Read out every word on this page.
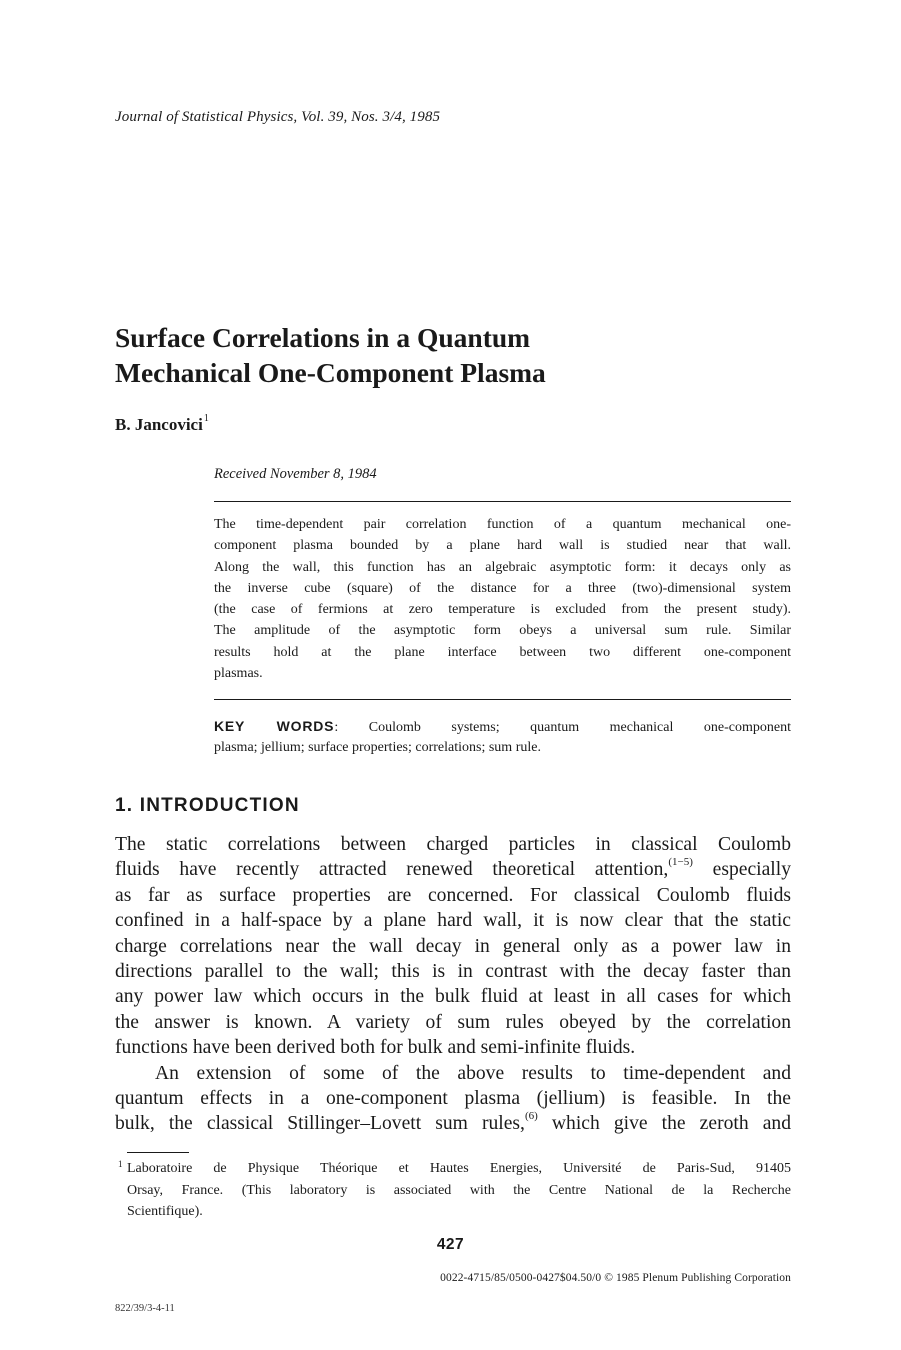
Journal of Statistical Physics, Vol. 39, Nos. 3/4, 1985
Surface Correlations in a Quantum
Mechanical One-Component Plasma
B. Jancovici$^1$
Received November 8, 1984
The time-dependent pair correlation function of a quantum mechanical one-
component plasma bounded by a plane hard wall is studied near that wall.
Along the wall, this function has an algebraic asymptotic form: it decays only as
the inverse cube (square) of the distance for a three (two)-dimensional system
(the case of fermions at zero temperature is excluded from the present study).
The amplitude of the asymptotic form obeys a universal sum rule. Similar
results hold at the plane interface between two different one-component
plasmas.
KEY WORDS: Coulomb systems; quantum mechanical one-component
plasma; jellium; surface properties; correlations; sum rule.
1. INTRODUCTION
The static correlations between charged particles in classical Coulomb
fluids have recently attracted renewed theoretical attention,$^{(1-5)}$ especially
as far as surface properties are concerned. For classical Coulomb fluids
confined in a half-space by a plane hard wall, it is now clear that the static
charge correlations near the wall decay in general only as a power law in
directions parallel to the wall; this is in contrast with the decay faster than
any power law which occurs in the bulk fluid at least in all cases for which
the answer is known. A variety of sum rules obeyed by the correlation
functions have been derived both for bulk and semi-infinite fluids.
An extension of some of the above results to time-dependent and
quantum effects in a one-component plasma (jellium) is feasible. In the
bulk, the classical Stillinger–Lovett sum rules,$^{(6)}$ which give the zeroth and
1 Laboratoire de Physique Théorique et Hautes Energies, Université de Paris-Sud, 91405
Orsay, France. (This laboratory is associated with the Centre National de la Recherche
Scientifique).
427
0022-4715/85/0500-0427$04.50/0 © 1985 Plenum Publishing Corporation
822/39/3-4-11
